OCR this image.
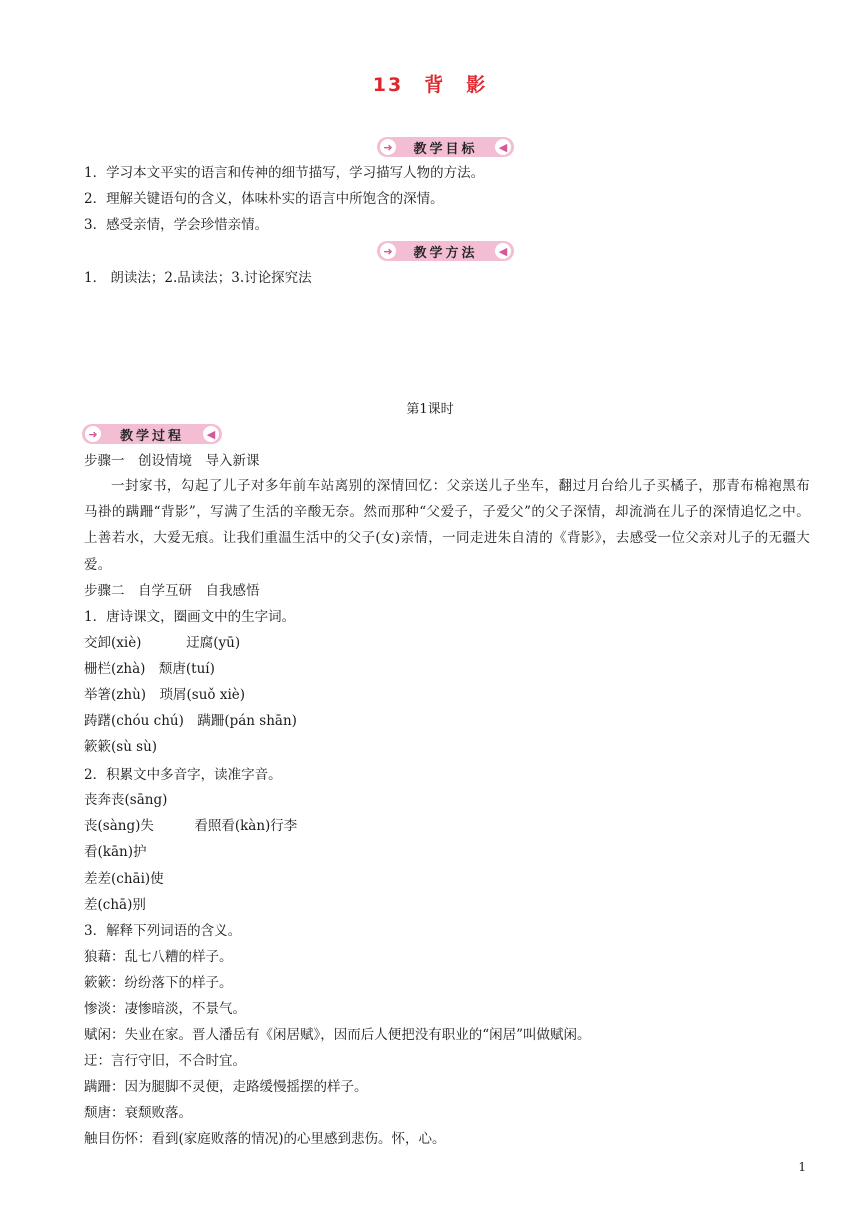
13　背　影
➜	教学目标	◀
1．学习本文平实的语言和传神的细节描写，学习描写人物的方法。
2．理解关键语句的含义，体味朴实的语言中所饱含的深情。
3．感受亲情，学会珍惜亲情。
➜	教学方法	◀
1． 朗读法；2.品读法；3.讨论探究法
第1课时
➜	教学过程	◀
步骤一　创设情境　导入新课
一封家书，勾起了儿子对多年前车站离别的深情回忆：父亲送儿子坐车，翻过月台给儿子买橘子，那青布棉袍黑布马褂的蹒跚“背影”，写满了生活的辛酸无奈。然而那种“父爱子，子爱父”的父子深情，却流淌在儿子的深情追忆之中。上善若水，大爱无痕。让我们重温生活中的父子(女)亲情，一同走进朱自清的《背影》，去感受一位父亲对儿子的无疆大爱。
步骤二　自学互研　自我感悟
1．唐诗课文，圈画文中的生字词。
交卸(xiè)　　　 迂腐(yū)
栅栏(zhà)　颓唐(tuí)
举箸(zhù)　琐屑(suǒ xiè)
踌躇(chóu chú)　蹒跚(pán shān)
簌簌(sù sù)
2．积累文中多音字，读准字音。
丧奔丧(sāng)
丧(sàng)失　　　看照看(kàn)行李
看(kān)护
差差(chāi)使
差(chā)别
3．解释下列词语的含义。
狼藉：乱七八糟的样子。
簌簌：纷纷落下的样子。
惨淡：凄惨暗淡，不景气。
赋闲：失业在家。晋人潘岳有《闲居赋》，因而后人便把没有职业的“闲居”叫做赋闲。
迂：言行守旧，不合时宜。
蹒跚：因为腿脚不灵便，走路缓慢摇摆的样子。
颓唐：衰颓败落。
触目伤怀：看到(家庭败落的情况)的心里感到悲伤。怀，心。
1
